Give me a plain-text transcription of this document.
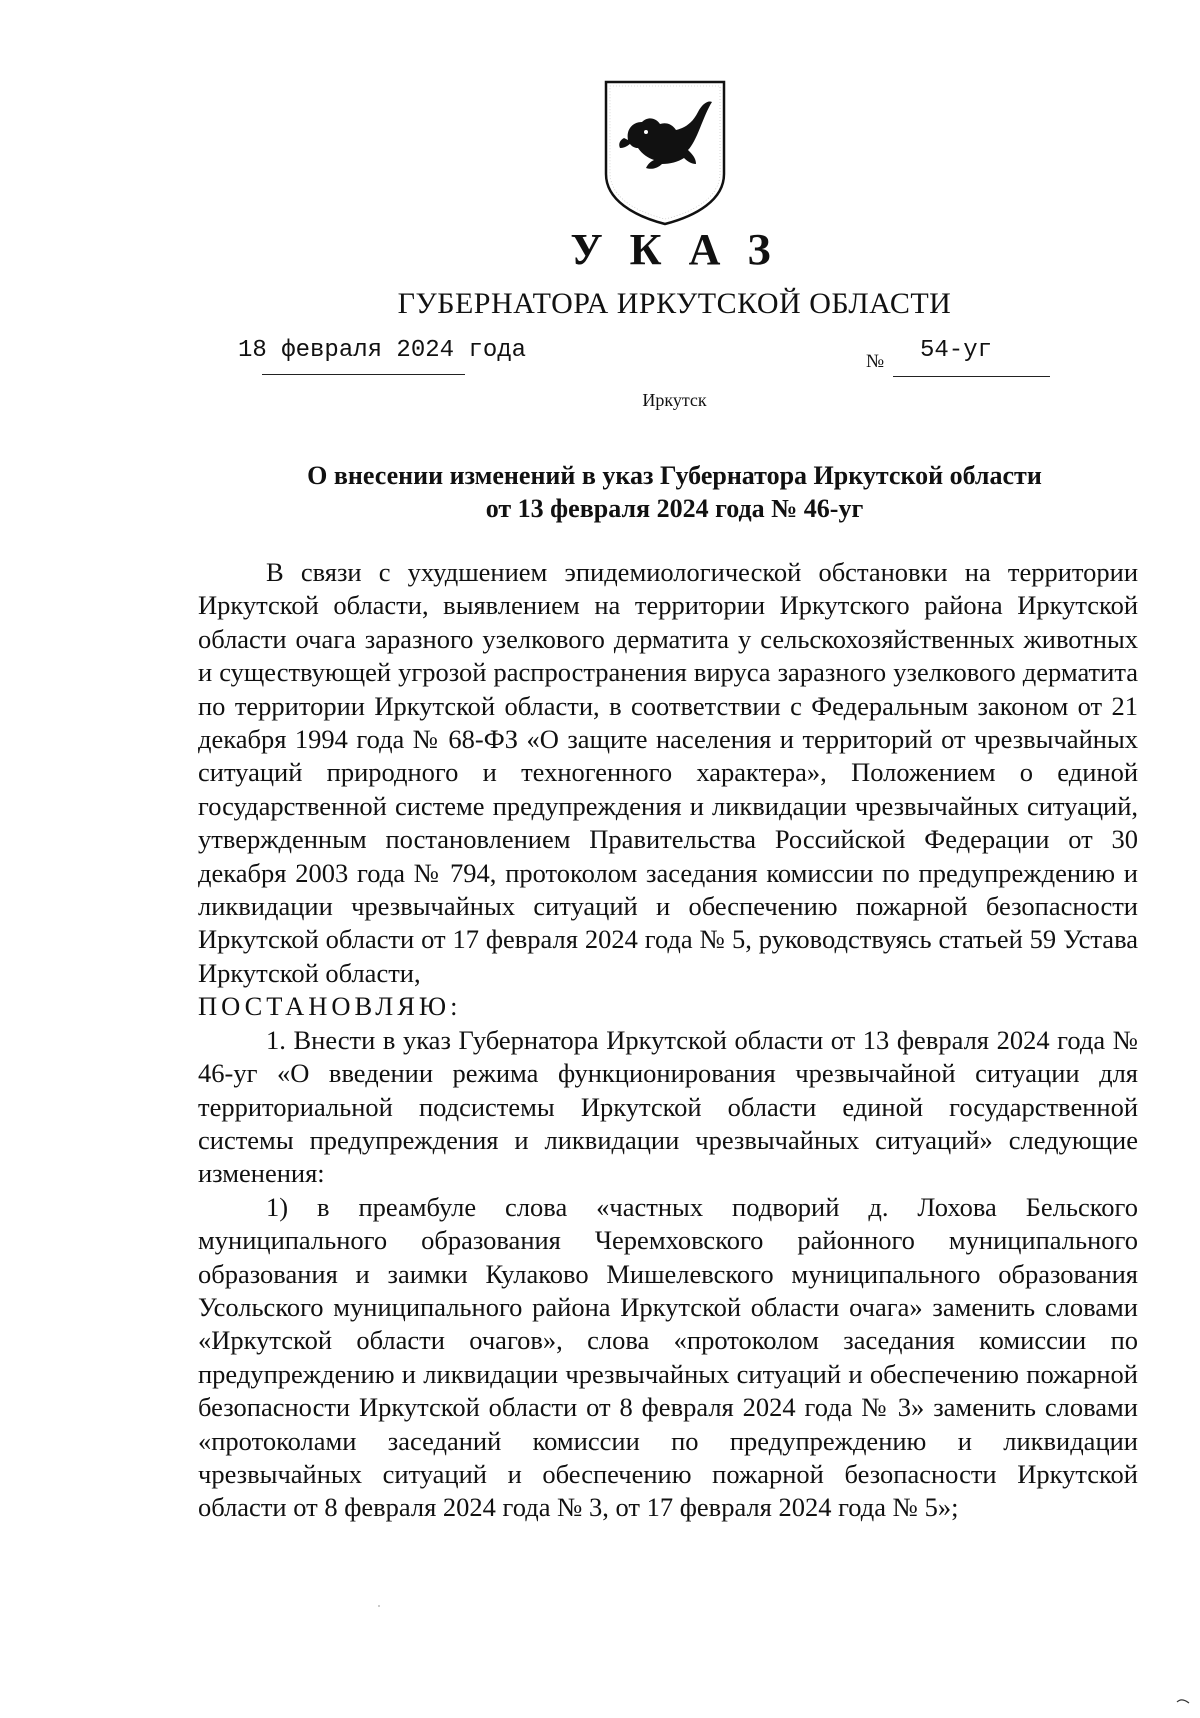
У К А З
ГУБЕРНАТОРА ИРКУТСКОЙ ОБЛАСТИ
18 февраля 2024 года	№ 54-уг
Иркутск
О внесении изменений в указ Губернатора Иркутской области
от 13 февраля 2024 года № 46-уг

В связи с ухудшением эпидемиологической обстановки на территории Иркутской области, выявлением на территории Иркутского района Иркутской области очага заразного узелкового дерматита у сельскохозяйственных животных и существующей угрозой распространения вируса заразного узелкового дерматита по территории Иркутской области, в соответствии с Федеральным законом от 21 декабря 1994 года № 68-ФЗ «О защите населения и территорий от чрезвычайных ситуаций природного и техногенного характера», Положением о единой государственной системе предупреждения и ликвидации чрезвычайных ситуаций, утвержденным постановлением Правительства Российской Федерации от 30 декабря 2003 года № 794, протоколом заседания комиссии по предупреждению и ликвидации чрезвычайных ситуаций и обеспечению пожарной безопасности Иркутской области от 17 февраля 2024 года № 5, руководствуясь статьей 59 Устава Иркутской области,

ПОСТАНОВЛЯЮ:

1. Внести в указ Губернатора Иркутской области от 13 февраля 2024 года № 46-уг «О введении режима функционирования чрезвычайной ситуации для территориальной подсистемы Иркутской области единой государственной системы предупреждения и ликвидации чрезвычайных ситуаций» следующие изменения:

1) в преамбуле слова «частных подворий д. Лохова Бельского муниципального образования Черемховского районного муниципального образования и заимки Кулаково Мишелевского муниципального образования Усольского муниципального района Иркутской области очага» заменить словами «Иркутской области очагов», слова «протоколом заседания комиссии по предупреждению и ликвидации чрезвычайных ситуаций и обеспечению пожарной безопасности Иркутской области от 8 февраля 2024 года № 3» заменить словами «протоколами заседаний комиссии по предупреждению и ликвидации чрезвычайных ситуаций и обеспечению пожарной безопасности Иркутской области от 8 февраля 2024 года № 3, от 17 февраля 2024 года № 5»;
